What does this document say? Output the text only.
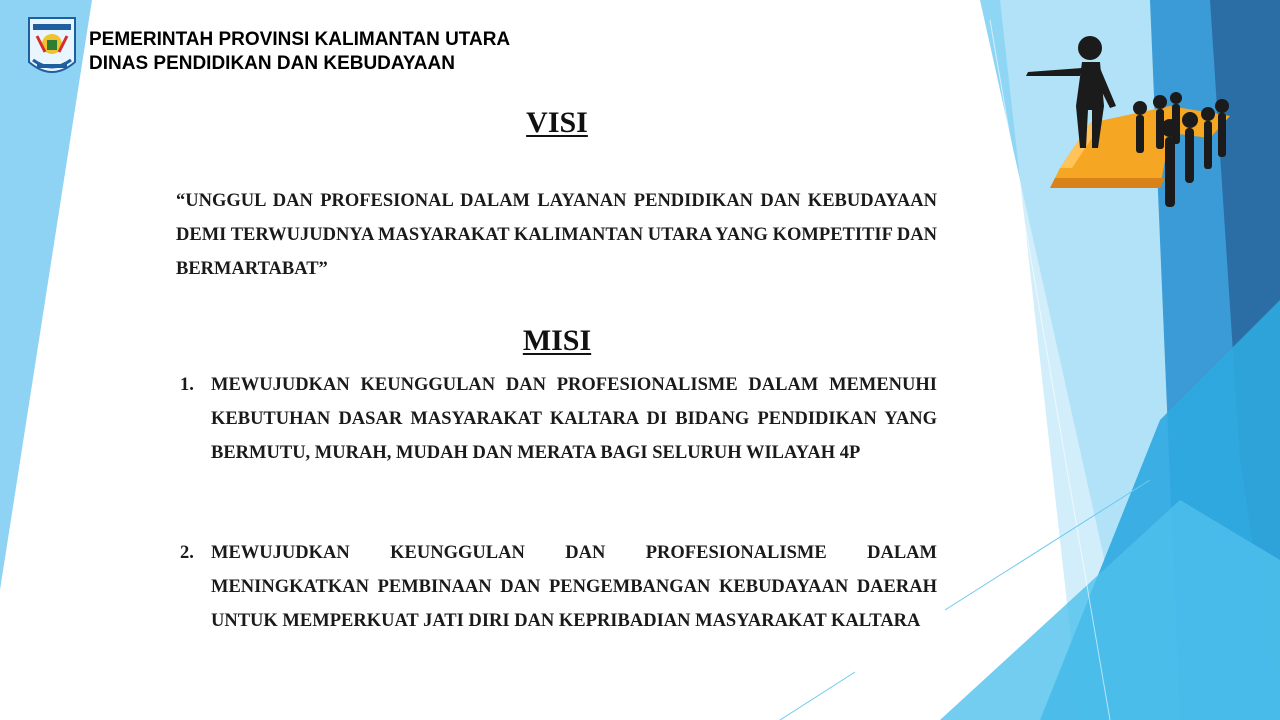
PEMERINTAH PROVINSI KALIMANTAN UTARA
DINAS PENDIDIKAN DAN KEBUDAYAAN
VISI
“UNGGUL DAN PROFESIONAL DALAM LAYANAN PENDIDIKAN DAN KEBUDAYAAN DEMI TERWUJUDNYA MASYARAKAT KALIMANTAN UTARA YANG KOMPETITIF DAN BERMARTABAT”
MISI
1. MEWUJUDKAN KEUNGGULAN DAN PROFESIONALISME DALAM MEMENUHI KEBUTUHAN DASAR MASYARAKAT KALTARA DI BIDANG PENDIDIKAN YANG BERMUTU, MURAH, MUDAH DAN MERATA BAGI SELURUH WILAYAH 4P
2. MEWUJUDKAN KEUNGGULAN DAN PROFESIONALISME DALAM MENINGKATKAN PEMBINAAN DAN PENGEMBANGAN KEBUDAYAAN DAERAH UNTUK MEMPERKUAT JATI DIRI DAN KEPRIBADIAN MASYARAKAT KALTARA
